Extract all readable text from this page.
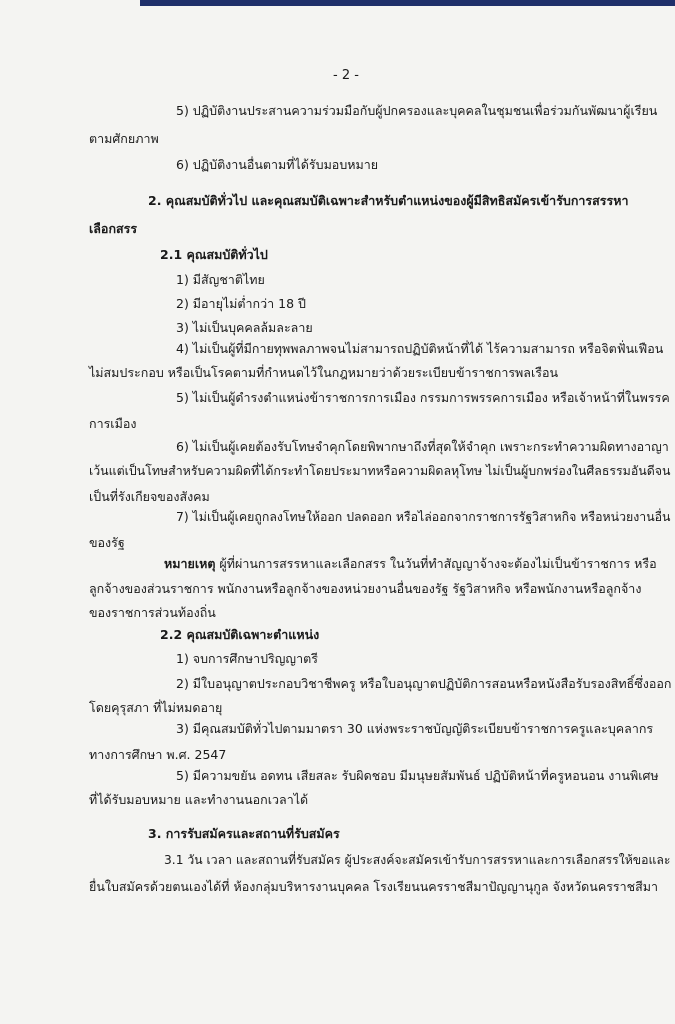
- 2 -
5) ปฏิบัติงานประสานความร่วมมือกับผู้ปกครองและบุคคลในชุมชนเพื่อร่วมกันพัฒนาผู้เรียน
ตามศักยภาพ
6) ปฏิบัติงานอื่นตามที่ได้รับมอบหมาย
2. คุณสมบัติทั่วไป และคุณสมบัติเฉพาะสำหรับตำแหน่งของผู้มีสิทธิสมัครเข้ารับการสรรหา
เลือกสรร
2.1 คุณสมบัติทั่วไป
1) มีสัญชาติไทย
2) มีอายุไม่ต่ำกว่า 18 ปี
3) ไม่เป็นบุคคลล้มละลาย
4) ไม่เป็นผู้ที่มีกายทุพพลภาพจนไม่สามารถปฏิบัติหน้าที่ได้ ไร้ความสามารถ หรือจิตฟั่นเฟือน
ไม่สมประกอบ หรือเป็นโรคตามที่กำหนดไว้ในกฎหมายว่าด้วยระเบียบข้าราชการพลเรือน
5) ไม่เป็นผู้ดำรงตำแหน่งข้าราชการการเมือง กรรมการพรรคการเมือง หรือเจ้าหน้าที่ในพรรค
การเมือง
6) ไม่เป็นผู้เคยต้องรับโทษจำคุกโดยพิพากษาถึงที่สุดให้จำคุก เพราะกระทำความผิดทางอาญา
เว้นแต่เป็นโทษสำหรับความผิดที่ได้กระทำโดยประมาทหรือความผิดลหุโทษ ไม่เป็นผู้บกพร่องในศีลธรรมอันดีจน
เป็นที่รังเกียจของสังคม
7) ไม่เป็นผู้เคยถูกลงโทษให้ออก ปลดออก หรือไล่ออกจากราชการรัฐวิสาหกิจ หรือหน่วยงานอื่น
ของรัฐ
หมายเหตุ ผู้ที่ผ่านการสรรหาและเลือกสรร ในวันที่ทำสัญญาจ้างจะต้องไม่เป็นข้าราชการ หรือ
ลูกจ้างของส่วนราชการ พนักงานหรือลูกจ้างของหน่วยงานอื่นของรัฐ รัฐวิสาหกิจ หรือพนักงานหรือลูกจ้าง
ของราชการส่วนท้องถิ่น
2.2 คุณสมบัติเฉพาะตำแหน่ง
1) จบการศึกษาปริญญาตรี
2) มีใบอนุญาตประกอบวิชาชีพครู หรือใบอนุญาตปฏิบัติการสอนหรือหนังสือรับรองสิทธิ์ซึ่งออก
โดยคุรุสภา ที่ไม่หมดอายุ
3) มีคุณสมบัติทั่วไปตามมาตรา 30 แห่งพระราชบัญญัติระเบียบข้าราชการครูและบุคลากร
ทางการศึกษา พ.ศ. 2547
5) มีความขยัน อดทน เสียสละ รับผิดชอบ มีมนุษยสัมพันธ์ ปฏิบัติหน้าที่ครูหอนอน งานพิเศษ
ที่ได้รับมอบหมาย และทำงานนอกเวลาได้
3. การรับสมัครและสถานที่รับสมัคร
3.1 วัน เวลา และสถานที่รับสมัคร ผู้ประสงค์จะสมัครเข้ารับการสรรหาและการเลือกสรรให้ขอและ
ยื่นใบสมัครด้วยตนเองได้ที่ ห้องกลุ่มบริหารงานบุคคล โรงเรียนนครราชสีมาปัญญานุกูล จังหวัดนครราชสีมา
